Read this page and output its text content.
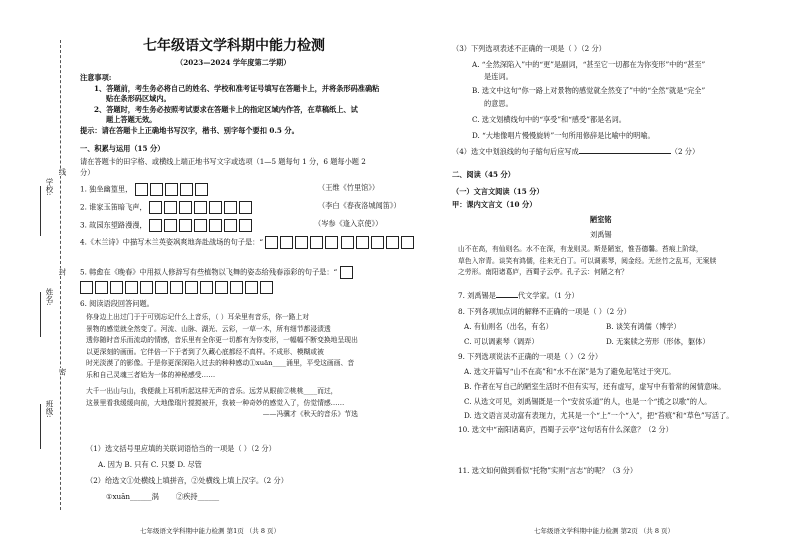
学校:
姓名:
班级:
线
封
密
七年级语文学科期中能力检测
（2023—2024 学年度第二学期）
注意事项:
1、答题前，考生务必将自己的姓名、学校和准考证号填写在答题卡上，并将条形码准确粘
贴在条形码区域内。
2、答题时，考生务必按照考试要求在答题卡上的指定区域内作答，在草稿纸上、试
题上答题无效。
提示：请在答题卡上正确地书写汉字，楷书、别字每个要扣 0.5 分。
一、积累与运用（15 分）
请在答题卡的田字格、或横线上端正地书写文字或选项（1—5 题每句 1 分，6 题每小题 2
分）
1. 独坐幽篁里，	（王维《竹里馆》）
2. 谁家玉笛暗飞声，	（李白《春夜洛城闻笛》）
3. 故园东望路漫漫，	（岑参《逢入京使》）
4.《木兰诗》中描写木兰英姿飒爽地奔赴战场的句子是：“

5. 韩愈在《晚春》中用拟人修辞写有些植物以飞舞的姿态给残春添彩的句子是：“

6. 阅读语段回答问题。
你身边上出过门于于可别忘记什么上音乐，（ ）耳朵里有音乐，你一路上对
景物的感觉就全然变了。河流、山脉、湖光、云彩，一草一木，所有细节都浸渍透
透你随时音乐而流动的情感，音乐里有全你更一切都有为你变形，一幅幅不断变换地呈现出
以更深刻的画面。它伴倍一下于者到了久藏心底都经不真样。不成形、模糊或被
时光淡漠了的影像。于是你更深深陷入过去的种种感动①xuān____涌里，平受这画画、音
乐和自己灵魂三者始为一体的神秘感受……
大千一出山与山，我便裁上耳机听起这样无声的音乐。远芳从眼前②桃桃____而过，
这景里看我缓缓向前，大地像瑞片搅搅被开，我被一种奇妙的感觉入了，仿觉情感……
——冯骥才《秋天的音乐》节选
（1）选文括号里应填的关联词语恰当的一项是（ ）（2 分）
A. 因为 B. 只有 C. 只要 D. 尽管
（2）给选文①处横线上填拼音，②处横线上填上汉字。（2 分）
①xuān______涡 ②疾持______
七年级语文学科期中能力检测 第1页 （共 8 页）
（3）下列选项表述不正确的一项是（ ）（2 分）
A. “全然深陷入”中的“更”是副词，“甚至它一切都在为你变形”中的“甚至”
是连词。
B. 选文中这句“你一路上对景物的感觉就全然变了”中的“全然”就是“完全”
的意思。
C. 选文划横线句中的“享受”和“感受”都是名词。
D. “大地像唱片慢慢旋转”一句所用修辞是比喻中的明喻。
（4）选文中划浪线的句子缩句后应写成	（2 分）
二、阅读（45 分）
（一）文言文阅读（15 分）
甲：课内文言文（10 分）
陋室铭
刘禹锡
山不在高，有仙则名。水不在深，有龙则灵。斯是陋室，惟吾德馨。苔痕上阶绿，
草色入帘青。谈笑有鸿儒，往来无白丁。可以调素琴，阅金经。无丝竹之乱耳，无案牍
之劳形。南阳诸葛庐，西蜀子云亭。孔子云：何陋之有？
7. 刘禹锡是	代文学家。（1 分）
8. 下列各项加点词的解释不正确的一项是（ ）（2 分）
A. 有仙则名（出名，有名）	B. 谈笑有鸿儒（博学）
C. 可以调素琴（调弄）	D. 无案牍之劳形（形体，躯体）
9. 下列选项说法不正确的一项是（ ）（2 分）
A. 选文开篇写“山不在高”和“水不在深”是为了避免起笔过于突兀。
B. 作者在写自己的陋室生活时不但有实写，还有虚写，虚写中有着常的闲情意味。
C. 从选文可见，刘禹锡既是一个“安贫乐道”的人，也是一个“揽之以歌”的人。
D. 选文语言灵动富有表现力，尤其是一个“上”一个“入”，把“苔痕”和“草色”写活了。
10. 选文中“南阳诸葛庐，西蜀子云亭”这句话有什么深意？（2 分）
11. 选文如何做到看似“托物”实则“言志”的呢？（3 分）
七年级语文学科期中能力检测 第2页 （共 8 页）
